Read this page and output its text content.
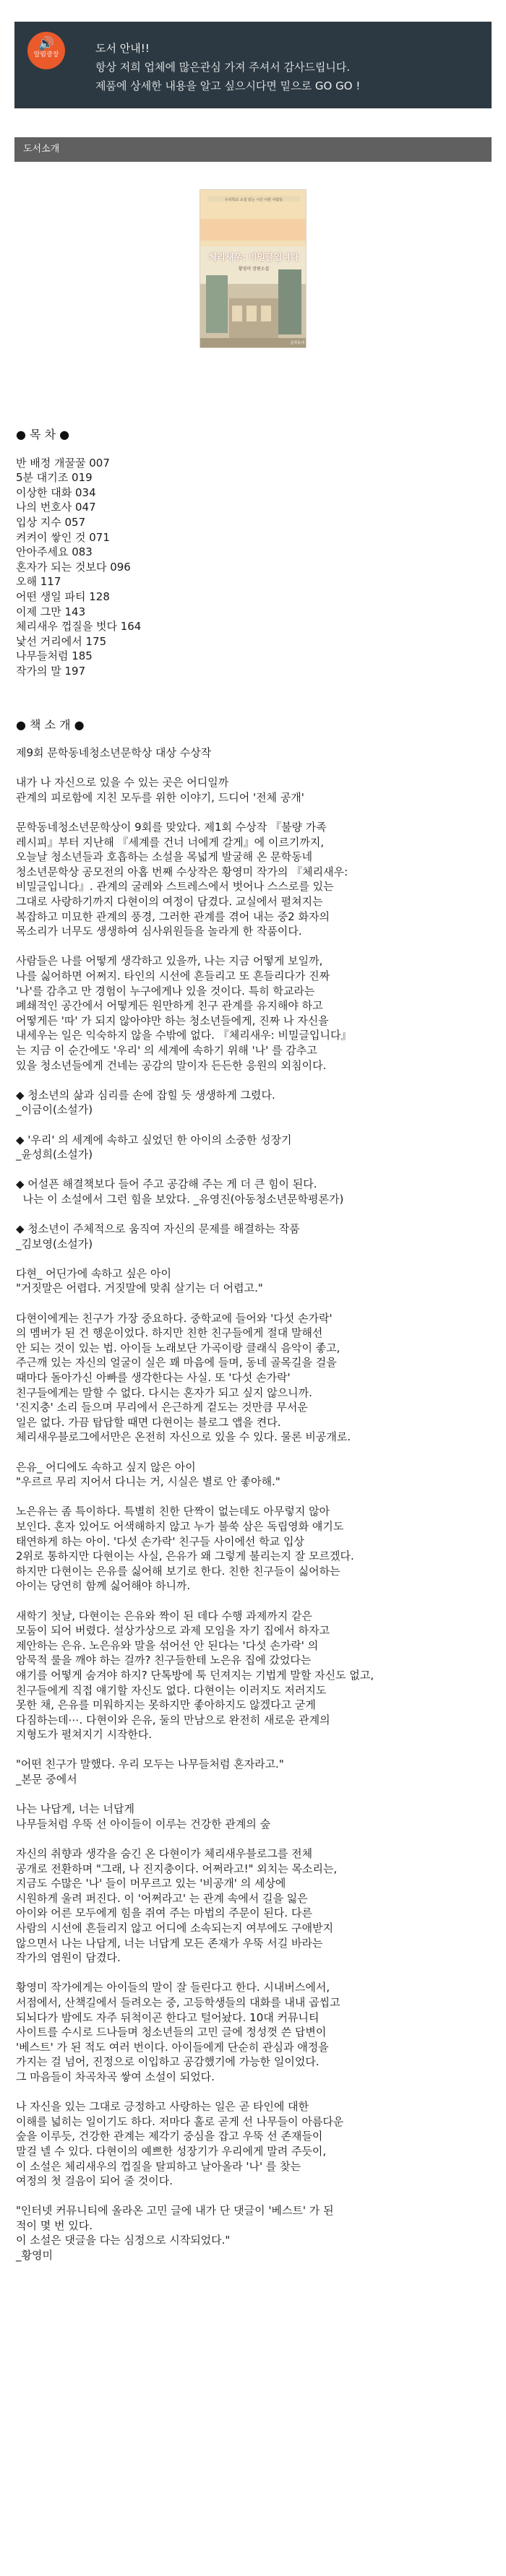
🔊
알림광장	도서 안내!!
항상 저희 업체에 많은관심 가져 주셔서 감사드립니다.
제품에 상세한 내용을 알고 싶으시다면 밑으로 GO GO !
도서소개
우리학교 소설 읽는 시간 나란 사람들
체리새우: 비밀글입니다
황영미 장편소설
문학동네
● 목 차 ●
반 배정 개꿀꿀 007
5분 대기조 019
이상한 대화 034
나의 번호사 047
입상 지수 057
켜켜이 쌓인 것 071
안아주세요 083
혼자가 되는 것보다 096
오해 117
어떤 생일 파티 128
이제 그만 143
체리새우 껍질을 벗다 164
낯선 거리에서 175
나무들처럼 185
작가의 말 197
● 책 소 개 ●
제9회 문학동네청소년문학상 대상 수상작
내가 나 자신으로 있을 수 있는 곳은 어디일까
관계의 피로함에 지친 모두를 위한 이야기, 드디어 '전체 공개'
문학동네청소년문학상이 9회를 맞았다. 제1회 수상작 『불량 가족
레시피』부터 지난해 『세계를 건너 너에게 갈게』에 이르기까지,
오늘날 청소년들과 호흡하는 소설을 목넓게 발굴해 온 문학동네
청소년문학상 공모전의 아홉 번째 수상작은 황영미 작가의 『체리새우:
비밀글입니다』. 관계의 굴레와 스트레스에서 벗어나 스스로를 있는
그대로 사랑하기까지 다현이의 여정이 담겼다. 교실에서 펼쳐지는
복잡하고 미묘한 관계의 풍경, 그러한 관계를 겪어 내는 중2 화자의
목소리가 너무도 생생하여 심사위원들을 놀라게 한 작품이다.
사람들은 나를 어떻게 생각하고 있을까, 나는 지금 어떻게 보일까,
나를 싫어하면 어쩌지. 타인의 시선에 흔들리고 또 흔들리다가 진짜
'나'를 감추고 만 경험이 누구에게나 있을 것이다. 특히 학교라는
폐쇄적인 공간에서 어떻게든 원만하게 친구 관계를 유지해야 하고
어떻게든 '따' 가 되지 않아야만 하는 청소년들에게, 진짜 나 자신을
내세우는 일은 익숙하지 않을 수밖에 없다. 『체리새우: 비밀글입니다』
는 지금 이 순간에도 '우리' 의 세계에 속하기 위해 '나' 를 감추고
있을 청소년들에게 건네는 공감의 말이자 든든한 응원의 외침이다.
◆ 청소년의 삶과 심리를 손에 잡힐 듯 생생하게 그렸다.
_이금이(소설가)
◆ '우리' 의 세계에 속하고 싶었던 한 아이의 소중한 성장기
_윤성희(소설가)
◆ 어설픈 해결책보다 들어 주고 공감해 주는 게 더 큰 힘이 된다.
나는 이 소설에서 그런 힘을 보았다. _유영진(아동청소년문학평론가)
◆ 청소년이 주체적으로 움직여 자신의 문제를 해결하는 작품
_김보영(소설가)
다현_ 어딘가에 속하고 싶은 아이
"거짓말은 어렵다. 거짓말에 맞춰 살기는 더 어렵고."
다현이에게는 친구가 가장 중요하다. 중학교에 들어와 '다섯 손가락'
의 멤버가 된 건 행운이었다. 하지만 친한 친구들에게 절대 말해선
안 되는 것이 있는 법. 아이들 노래보단 가곡이랑 클래식 음악이 좋고,
주근깨 있는 자신의 얼굴이 실은 꽤 마음에 들며, 동네 골목길을 걸을
때마다 돌아가신 아빠를 생각한다는 사실. 또 '다섯 손가락'
친구들에게는 말할 수 없다. 다시는 혼자가 되고 싶지 않으니까.
'진지충' 소리 들으며 무리에서 은근하게 겉도는 것만큼 무서운
일은 없다. 가끔 탑답할 때면 다현이는 블로그 앱을 켠다.
체리새우블로그에서만은 온전히 자신으로 있을 수 있다. 물론 비공개로.
은유_ 어디에도 속하고 싶지 않은 아이
"우르르 무리 지어서 다니는 거, 시실은 별로 안 좋아해."
노은유는 좀 특이하다. 특별히 친한 단짝이 없는데도 아무렇지 않아
보인다. 혼자 있어도 어색해하지 않고 누가 불쑥 삼은 독립영화 얘기도
태연하게 하는 아이. '다섯 손가락' 친구들 사이에선 학교 입상
2위로 통하지만 다현이는 사실, 은유가 왜 그렇게 불리는지 잘 모르겠다.
하지만 다현이는 은유를 싫어해 보기로 한다. 친한 친구들이 싫어하는
아이는 당연히 함께 싫어해야 하니까.
새학기 첫날, 다현이는 은유와 짝이 된 데다 수행 과제까지 같은
모둠이 되어 버렸다. 설상가상으로 과제 모임을 자기 집에서 하자고
제안하는 은유. 노은유와 말을 섞어선 안 된다는 '다섯 손가락' 의
암묵적 룰을 깨야 하는 걸까? 친구들한테 노은유 집에 갔었다는
얘기를 어떻게 숨겨야 하지? 단톡방에 툭 던져지는 기법게 말할 자신도 없고,
친구들에게 직접 얘기할 자신도 없다. 다현이는 이러지도 저러지도
못한 채, 은유를 미워하지는 못하지만 좋아하지도 않겠다고 굳게
다짐하는데⋯. 다현이와 은유, 둘의 만남으로 완전히 새로운 관계의
지형도가 펼쳐지기 시작한다.
"어떤 친구가 말했다. 우리 모두는 나무들처럼 혼자라고."
_본문 중에서
나는 나답게, 너는 너답게
나무들처럼 우뚝 선 아이들이 이루는 건강한 관계의 숲
자신의 취향과 생각을 숨긴 온 다현이가 체리새우블로그를 전체
공개로 전환하며 "그래, 나 진지충이다. 어쩌라고!" 외치는 목소리는,
지금도 수많은 '나' 들이 머무르고 있는 '비공개' 의 세상에
시원하게 울려 퍼진다. 이 '어쩌라고' 는 관계 속에서 길을 잃은
아이와 어른 모두에게 힘을 쥐여 주는 마법의 주문이 된다. 다른
사람의 시선에 흔들리지 않고 어디에 소속되는지 여부에도 구애받지
않으면서 나는 나답게, 너는 너답게 모든 존재가 우뚝 서길 바라는
작가의 염원이 담겼다.
황영미 작가에게는 아이들의 말이 잘 들린다고 한다. 시내버스에서,
서점에서, 산책길에서 들려오는 중, 고등학생들의 대화를 내내 곱씹고
되뇌다가 밤에도 자주 뒤척이곤 한다고 털어놨다. 10대 커뮤니티
사이트를 수시로 드나들며 청소년들의 고민 글에 정성껏 쓴 답변이
'베스트' 가 된 적도 여러 번이다. 아이들에게 단순히 관심과 애정을
가지는 걸 넘어, 진정으로 이입하고 공감했기에 가능한 일이었다.
그 마음들이 차곡차곡 쌓여 소설이 되었다.
나 자신을 있는 그대로 긍정하고 사랑하는 일은 곧 타인에 대한
이해를 넓히는 일이기도 하다. 저마다 홀로 곧게 선 나무들이 아름다운
숲을 이루듯, 건강한 관계는 제각기 중심을 잡고 우뚝 선 존재들이
말걸 넬 수 있다. 다현이의 예쁘한 성장기가 우리에게 말려 주듯이,
이 소설은 체리새우의 껍질을 탈피하고 날아올라 '나' 를 찾는
여정의 첫 걸음이 되어 줄 것이다.
"인터넷 커뮤니티에 올라온 고민 글에 내가 단 댓글이 '베스트' 가 된
적이 몇 번 있다.
이 소설은 댓글을 다는 심정으로 시작되었다."
_황영미
